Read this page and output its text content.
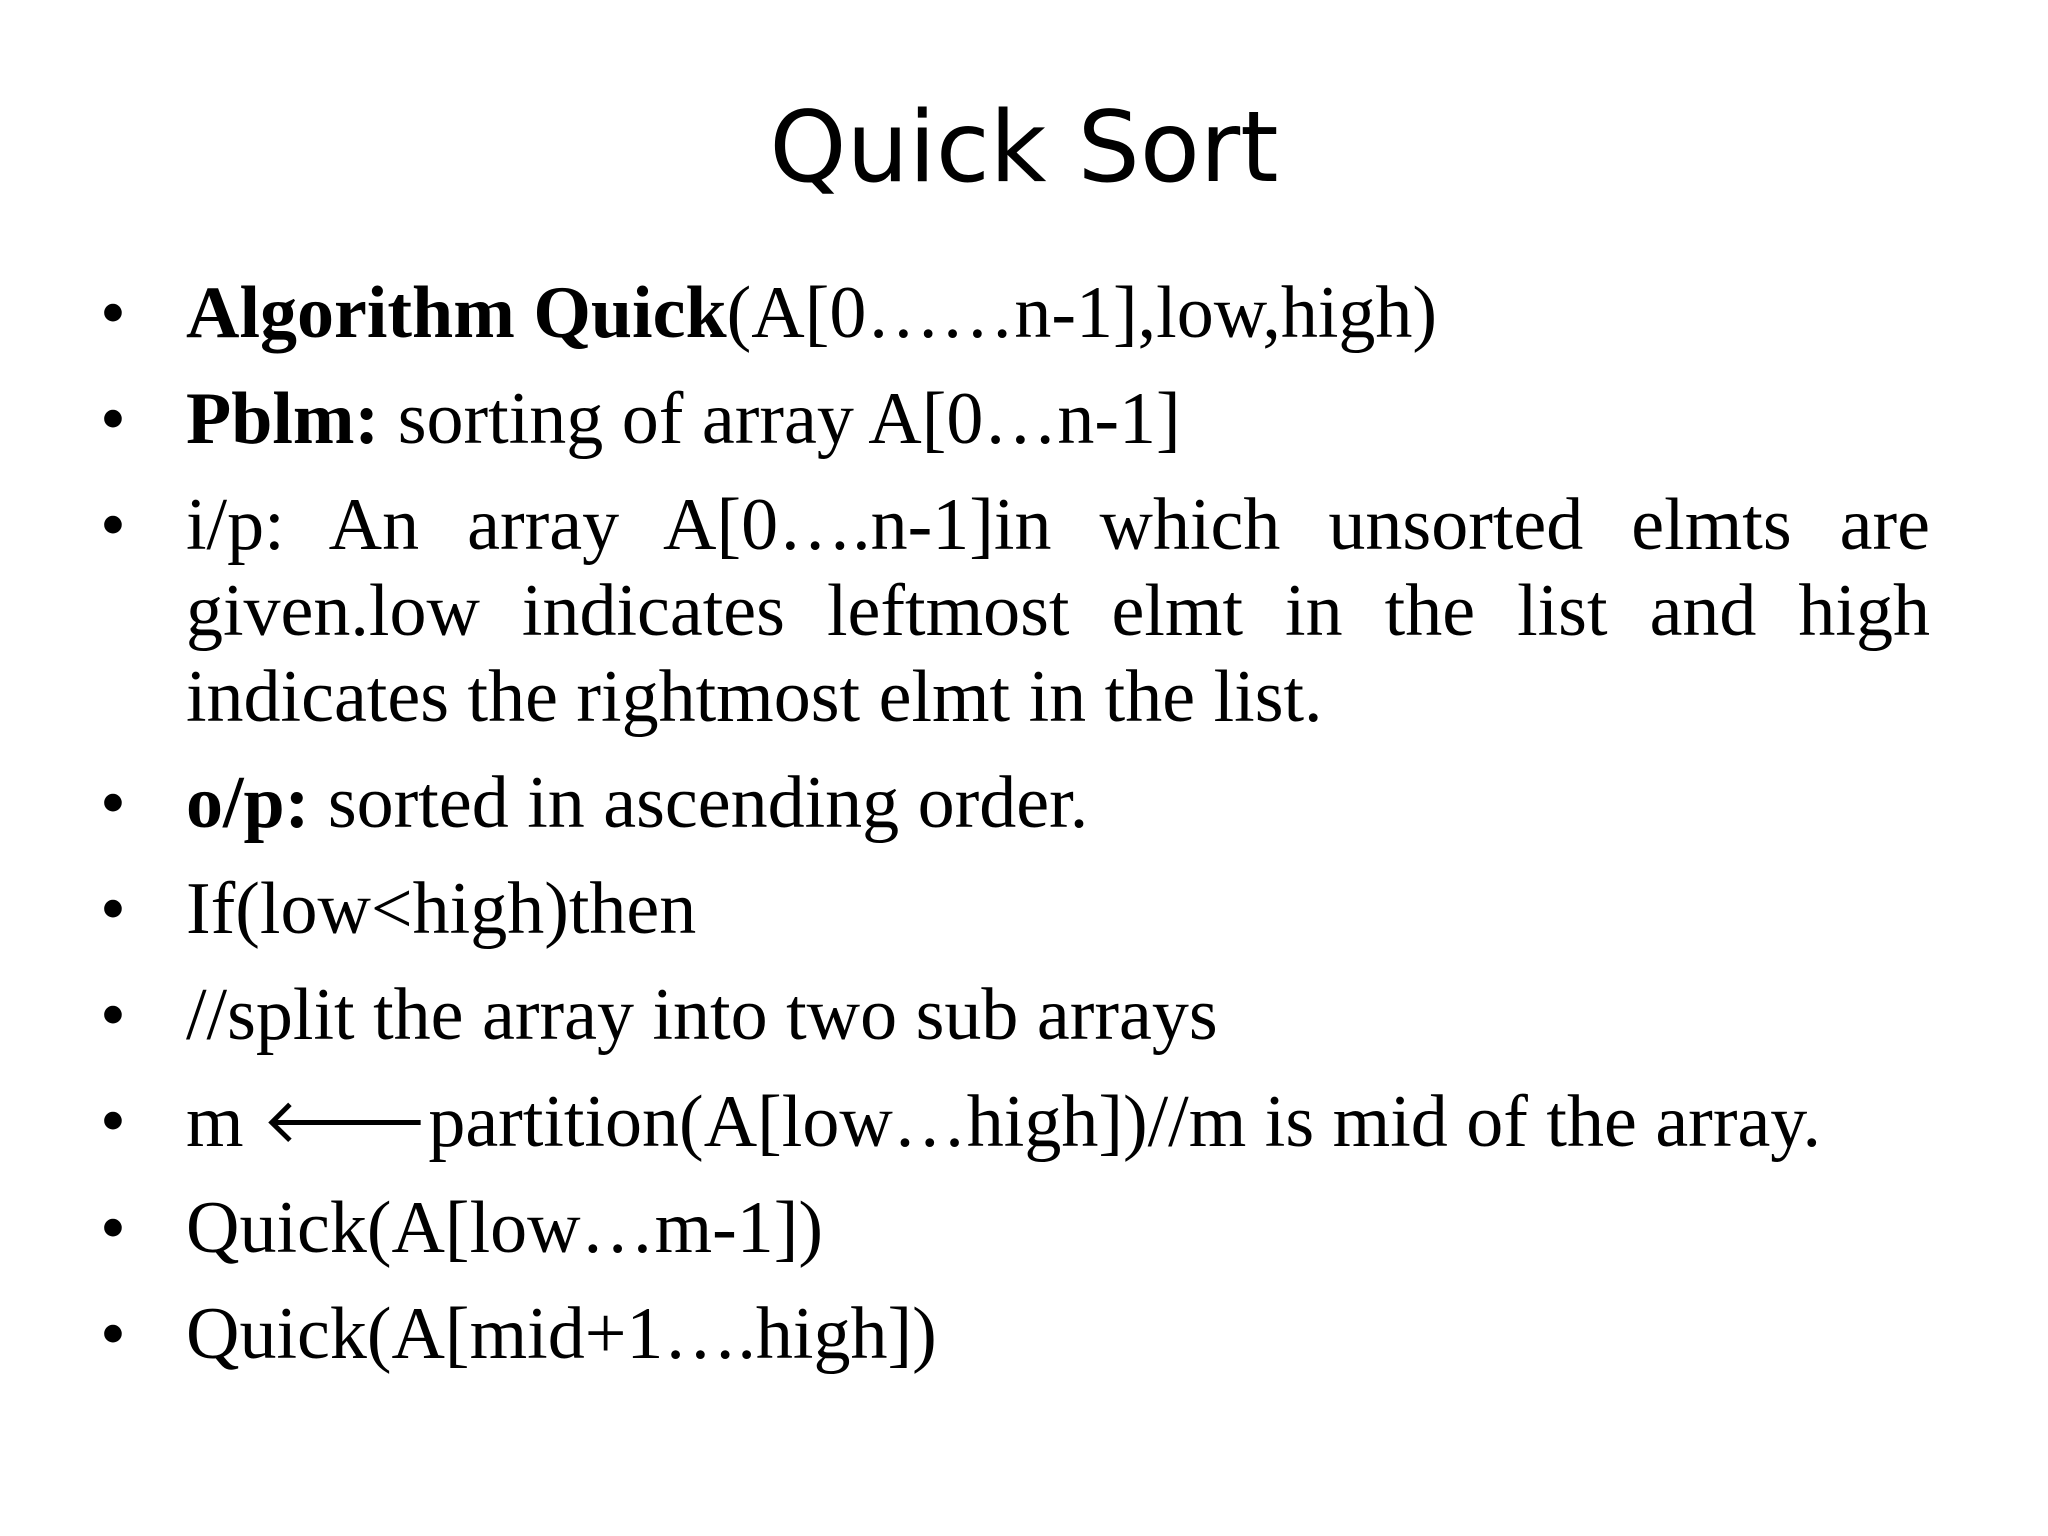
Quick Sort
• Algorithm Quick(A[0……n-1],low,high)
• Pblm: sorting of array A[0…n-1]
• i/p: An array A[0….n-1]in which unsorted elmts are given.low indicates leftmost elmt in the list and high indicates the rightmost elmt in the list.
• o/p: sorted in ascending order.
• If(low<high)then
• //split the array into two sub arrays
• m 🡐partition(A[low…high])//m is mid of the array.
• Quick(A[low…m-1])
• Quick(A[mid+1….high])
